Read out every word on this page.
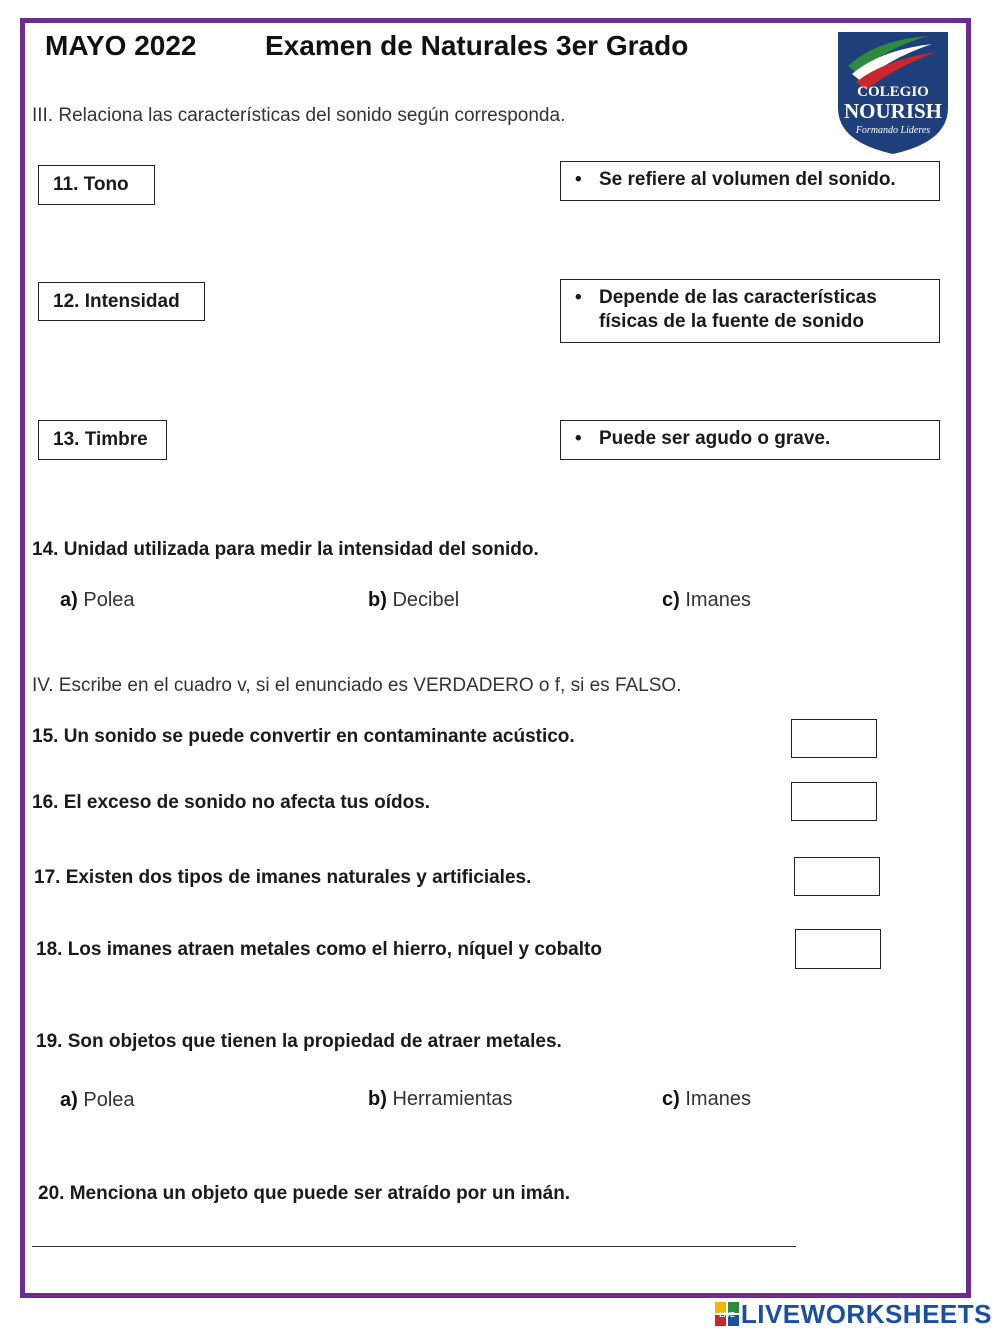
MAYO 2022 Examen de Naturales 3er Grado
COLEGIO
NOURISH
Formando Líderes
III. Relaciona las características del sonido según corresponda.
11. Tono
12. Intensidad
13. Timbre
• Se refiere al volumen del sonido.
• Depende de las características
físicas de la fuente de sonido
• Puede ser agudo o grave.
14. Unidad utilizada para medir la intensidad del sonido.
a) Polea	b) Decibel	c) Imanes
IV. Escribe en el cuadro v, si el enunciado es VERDADERO o f, si es FALSO.
15. Un sonido se puede convertir en contaminante acústico.
16. El exceso de sonido no afecta tus oídos.
17. Existen dos tipos de imanes naturales y artificiales.
18. Los imanes atraen metales como el hierro, níquel y cobalto
19. Son objetos que tienen la propiedad de atraer metales.
a) Polea	b) Herramientas	c) Imanes
20. Menciona un objeto que puede ser atraído por un imán.
LIVE LIVEWORKSHEETS
